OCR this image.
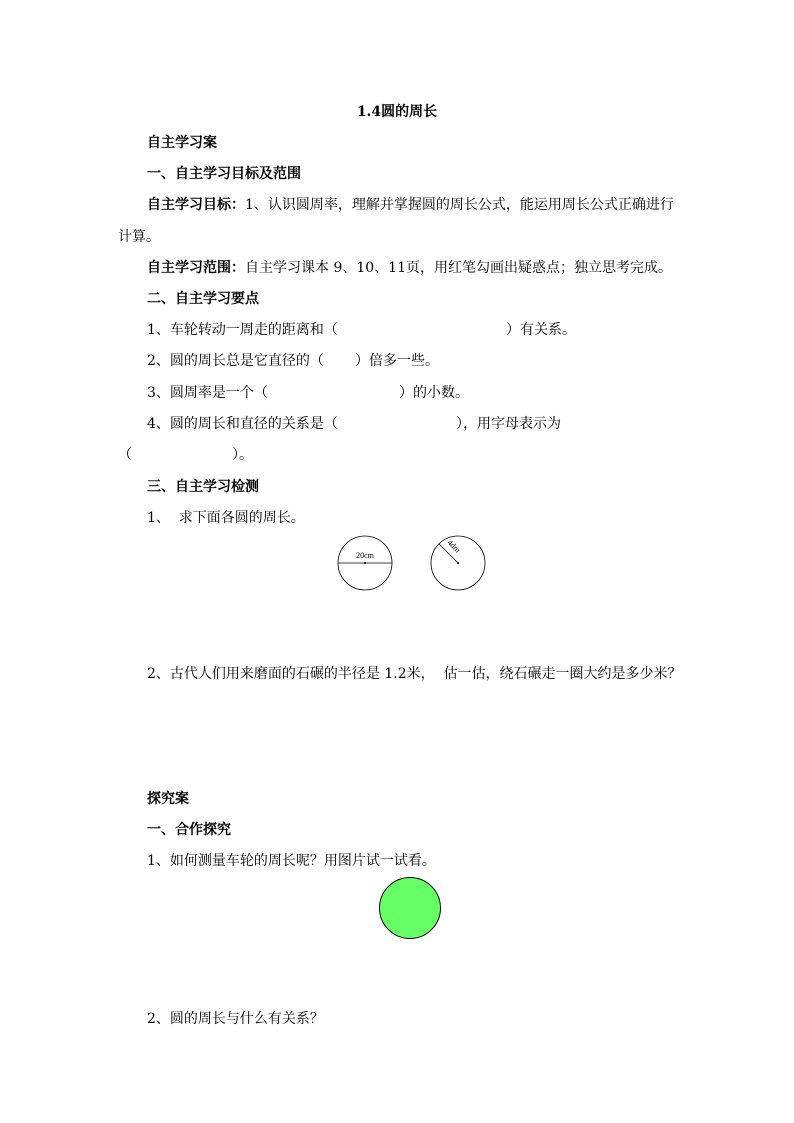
1.4圆的周长
自主学习案
一、自主学习目标及范围
自主学习目标：1、认识圆周率，理解并掌握圆的周长公式，能运用周长公式正确进行
计算。
自主学习范围：自主学习课本 9、10、11页，用红笔勾画出疑惑点；独立思考完成。
二、自主学习要点
1、车轮转动一周走的距离和（	）有关系。
2、圆的周长总是它直径的（       ）倍多一些。
3、圆周率是一个（	）的小数。
4、圆的周长和直径的关系是（	），用字母表示为
（	）。
三、自主学习检测
1、  求下面各圆的周长。
20cm
4dm
2、古代人们用来磨面的石碾的半径是 1.2米，  估一估，绕石碾走一圈大约是多少米？
探究案
一、合作探究
1、如何测量车轮的周长呢？用图片试一试看。
2、圆的周长与什么有关系？
